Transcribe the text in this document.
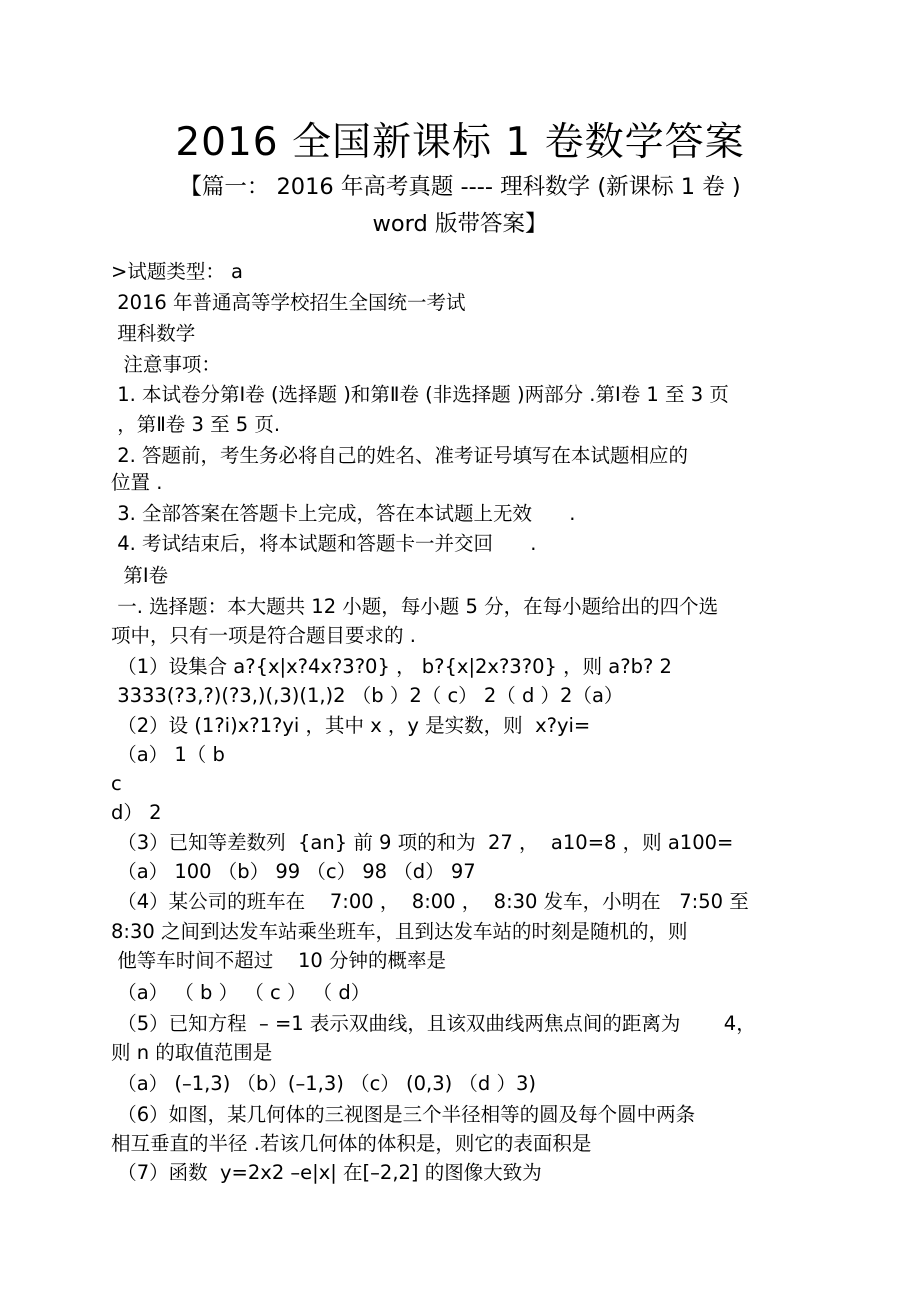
2016 全国新课标 1 卷数学答案
【篇一： 2016 年高考真题 ---- 理科数学 (新课标 1 卷 )
word 版带答案】
>试题类型： a
2016 年普通高等学校招生全国统一考试
理科数学
注意事项：
1. 本试卷分第Ⅰ卷 (选择题 )和第Ⅱ卷 (非选择题 )两部分 .第Ⅰ卷 1 至 3 页
，第Ⅱ卷 3 至 5 页.
2. 答题前，考生务必将自己的姓名、准考证号填写在本试题相应的
位置 .
3. 全部答案在答题卡上完成，答在本试题上无效      .
4. 考试结束后，将本试题和答题卡一并交回      .
第Ⅰ卷
一. 选择题：本大题共 12 小题，每小题 5 分，在每小题给出的四个选
项中，只有一项是符合题目要求的 .
（1）设集合 a?{x|x?4x?3?0} ， b?{x|2x?3?0} ，则 a?b? 2
3333(?3,?)(?3,)(,3)(1,)2 （b ）2（ c） 2（ d ）2（a）
（2）设 (1?i)x?1?yi ，其中 x ，y 是实数，则  x?yi=
（a） 1（ b
c
d） 2
（3）已知等差数列  {an} 前 9 项的和为  27 ，  a10=8 ，则 a100=
（a） 100 （b） 99 （c） 98 （d） 97
（4）某公司的班车在    7:00 ，  8:00 ，  8:30 发车，小明在   7:50 至
8:30 之间到达发车站乘坐班车，且到达发车站的时刻是随机的，则
他等车时间不超过    10 分钟的概率是
（a） （ b ） （ c ） （ d）
（5）已知方程  – =1 表示双曲线，且该双曲线两焦点间的距离为       4，
则 n 的取值范围是
（a） (–1,3) （b）(–1,3) （c） (0,3) （d ）3)
（6）如图，某几何体的三视图是三个半径相等的圆及每个圆中两条
相互垂直的半径 .若该几何体的体积是，则它的表面积是
（7）函数  y=2x2 –e|x| 在[–2,2] 的图像大致为
